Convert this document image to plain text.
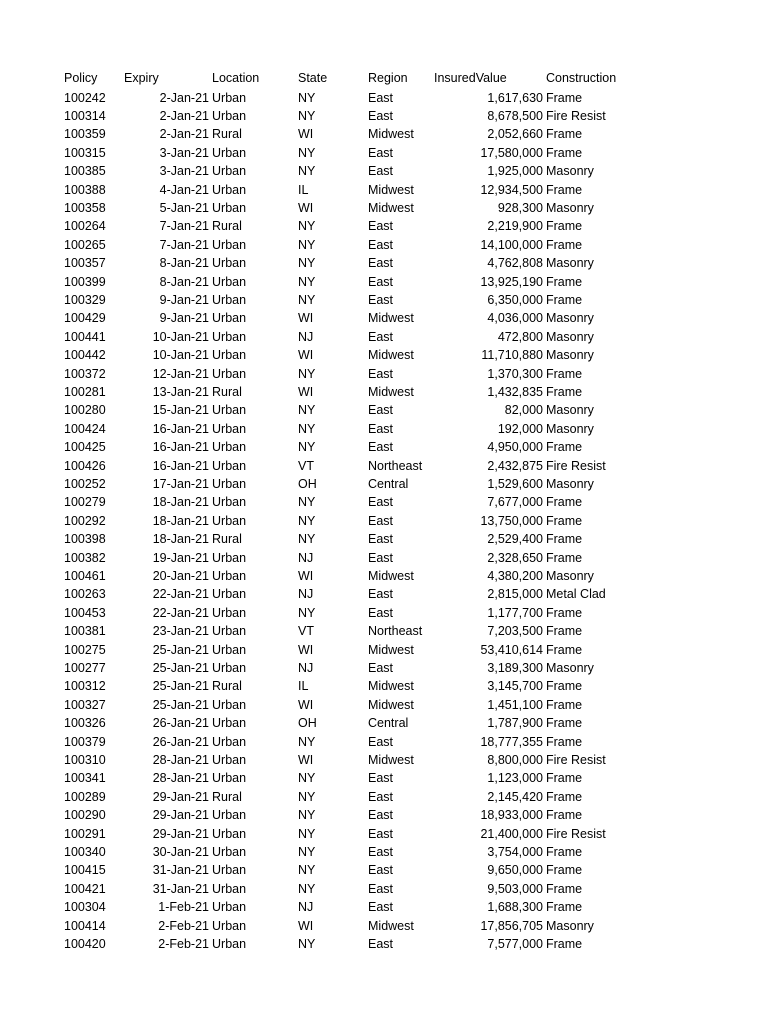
Policy Expiry	Location	State	Region InsuredValue	Construction
100242	2-Jan-21 Urban	NY	East	1,617,630 Frame
100314	2-Jan-21 Urban	NY	East	8,678,500 Fire Resist
100359	2-Jan-21 Rural	WI	Midwest	2,052,660 Frame
100315	3-Jan-21 Urban	NY	East	17,580,000 Frame
100385	3-Jan-21 Urban	NY	East	1,925,000 Masonry
100388	4-Jan-21 Urban	IL	Midwest	12,934,500 Frame
100358	5-Jan-21 Urban	WI	Midwest	928,300 Masonry
100264	7-Jan-21 Rural	NY	East	2,219,900 Frame
100265	7-Jan-21 Urban	NY	East	14,100,000 Frame
100357	8-Jan-21 Urban	NY	East	4,762,808 Masonry
100399	8-Jan-21 Urban	NY	East	13,925,190 Frame
100329	9-Jan-21 Urban	NY	East	6,350,000 Frame
100429	9-Jan-21 Urban	WI	Midwest	4,036,000 Masonry
100441	10-Jan-21 Urban	NJ	East	472,800 Masonry
100442	10-Jan-21 Urban	WI	Midwest	11,710,880 Masonry
100372	12-Jan-21 Urban	NY	East	1,370,300 Frame
100281	13-Jan-21 Rural	WI	Midwest	1,432,835 Frame
100280	15-Jan-21 Urban	NY	East	82,000 Masonry
100424	16-Jan-21 Urban	NY	East	192,000 Masonry
100425	16-Jan-21 Urban	NY	East	4,950,000 Frame
100426	16-Jan-21 Urban	VT	Northeast	2,432,875 Fire Resist
100252	17-Jan-21 Urban	OH	Central	1,529,600 Masonry
100279	18-Jan-21 Urban	NY	East	7,677,000 Frame
100292	18-Jan-21 Urban	NY	East	13,750,000 Frame
100398	18-Jan-21 Rural	NY	East	2,529,400 Frame
100382	19-Jan-21 Urban	NJ	East	2,328,650 Frame
100461	20-Jan-21 Urban	WI	Midwest	4,380,200 Masonry
100263	22-Jan-21 Urban	NJ	East	2,815,000 Metal Clad
100453	22-Jan-21 Urban	NY	East	1,177,700 Frame
100381	23-Jan-21 Urban	VT	Northeast	7,203,500 Frame
100275	25-Jan-21 Urban	WI	Midwest	53,410,614 Frame
100277	25-Jan-21 Urban	NJ	East	3,189,300 Masonry
100312	25-Jan-21 Rural	IL	Midwest	3,145,700 Frame
100327	25-Jan-21 Urban	WI	Midwest	1,451,100 Frame
100326	26-Jan-21 Urban	OH	Central	1,787,900 Frame
100379	26-Jan-21 Urban	NY	East	18,777,355 Frame
100310	28-Jan-21 Urban	WI	Midwest	8,800,000 Fire Resist
100341	28-Jan-21 Urban	NY	East	1,123,000 Frame
100289	29-Jan-21 Rural	NY	East	2,145,420 Frame
100290	29-Jan-21 Urban	NY	East	18,933,000 Frame
100291	29-Jan-21 Urban	NY	East	21,400,000 Fire Resist
100340	30-Jan-21 Urban	NY	East	3,754,000 Frame
100415	31-Jan-21 Urban	NY	East	9,650,000 Frame
100421	31-Jan-21 Urban	NY	East	9,503,000 Frame
100304	1-Feb-21 Urban	NJ	East	1,688,300 Frame
100414	2-Feb-21 Urban	WI	Midwest	17,856,705 Masonry
100420	2-Feb-21 Urban	NY	East	7,577,000 Frame
